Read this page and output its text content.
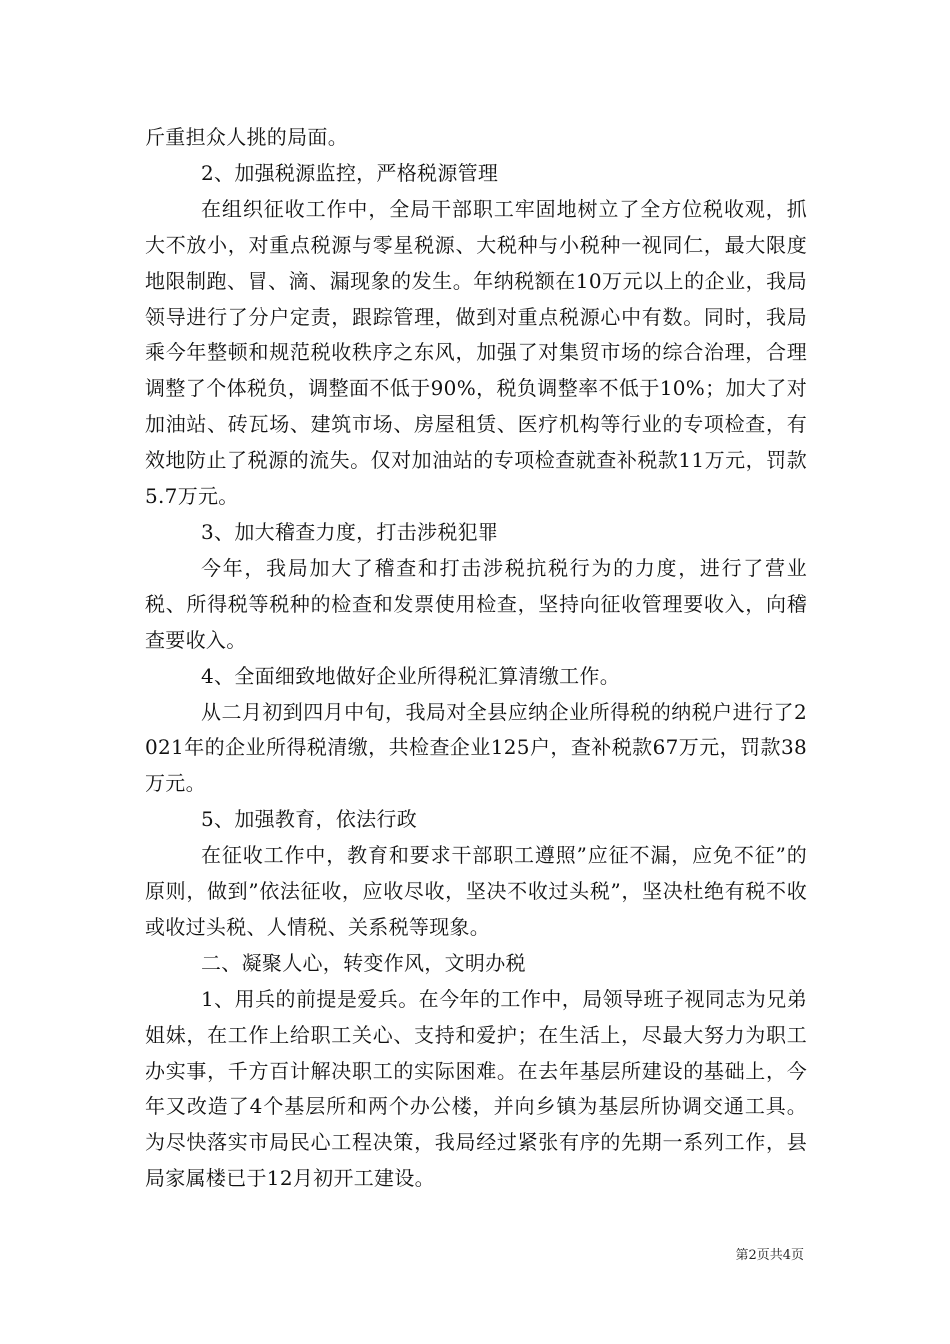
斤重担众人挑的局面。

2、加强税源监控，严格税源管理

在组织征收工作中，全局干部职工牢固地树立了全方位税收观，抓大不放小，对重点税源与零星税源、大税种与小税种一视同仁，最大限度地限制跑、冒、滴、漏现象的发生。年纳税额在10万元以上的企业，我局领导进行了分户定责，跟踪管理，做到对重点税源心中有数。同时，我局乘今年整顿和规范税收秩序之东风，加强了对集贸市场的综合治理，合理调整了个体税负，调整面不低于90%，税负调整率不低于10%；加大了对加油站、砖瓦场、建筑市场、房屋租赁、医疗机构等行业的专项检查，有效地防止了税源的流失。仅对加油站的专项检查就查补税款11万元，罚款5.7万元。

3、加大稽查力度，打击涉税犯罪

今年，我局加大了稽查和打击涉税抗税行为的力度，进行了营业税、所得税等税种的检查和发票使用检查，坚持向征收管理要收入，向稽查要收入。

4、全面细致地做好企业所得税汇算清缴工作。

从二月初到四月中旬，我局对全县应纳企业所得税的纳税户进行了2021年的企业所得税清缴，共检查企业125户，查补税款67万元，罚款38万元。

5、加强教育，依法行政

在征收工作中，教育和要求干部职工遵照”应征不漏，应免不征”的原则，做到”依法征收，应收尽收，坚决不收过头税”，坚决杜绝有税不收或收过头税、人情税、关系税等现象。

二、凝聚人心，转变作风，文明办税

1、用兵的前提是爱兵。在今年的工作中，局领导班子视同志为兄弟姐妹，在工作上给职工关心、支持和爱护；在生活上，尽最大努力为职工办实事，千方百计解决职工的实际困难。在去年基层所建设的基础上，今年又改造了4个基层所和两个办公楼，并向乡镇为基层所协调交通工具。为尽快落实市局民心工程决策，我局经过紧张有序的先期一系列工作，县局家属楼已于12月初开工建设。

第2页共4页
